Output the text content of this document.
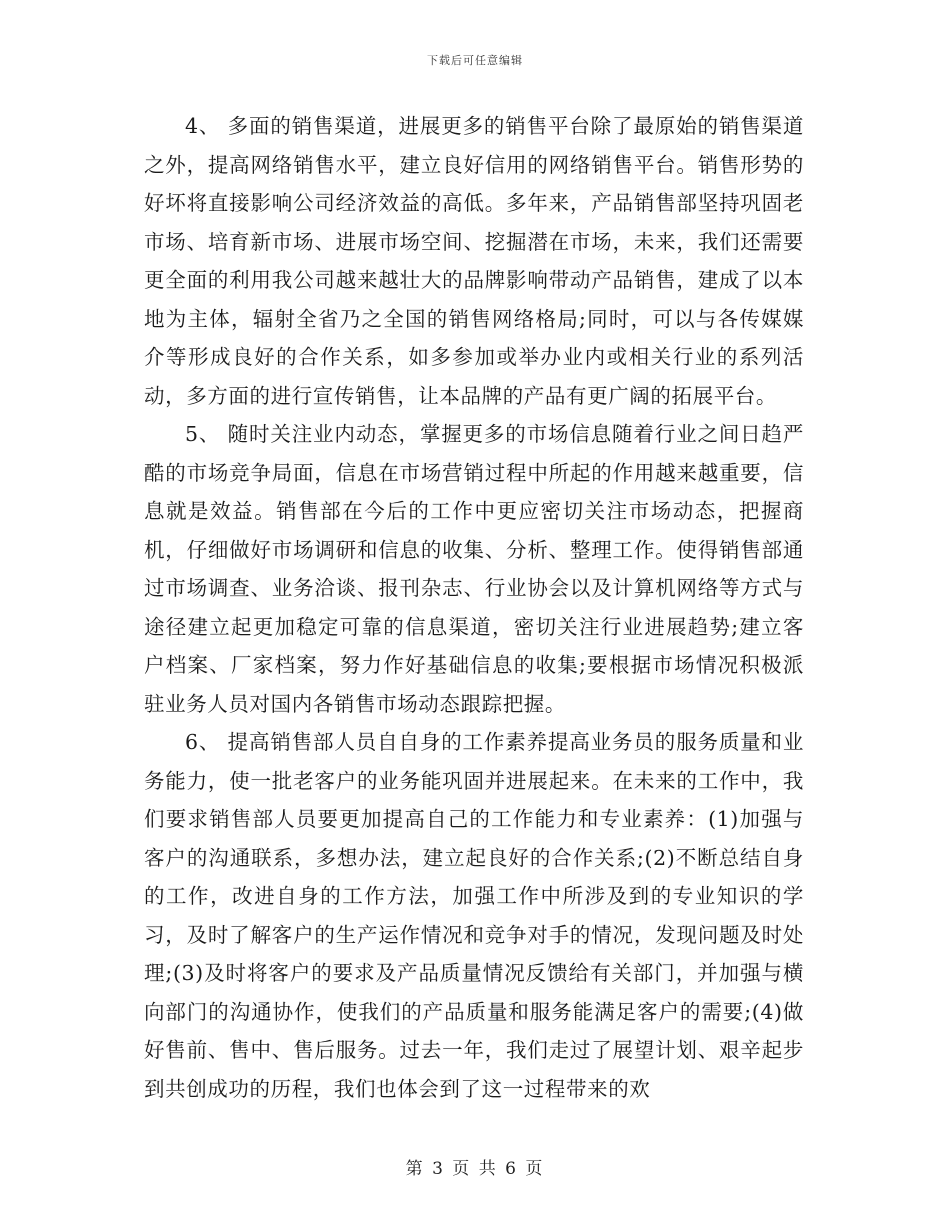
下载后可任意编辑

4、 多面的销售渠道，进展更多的销售平台除了最原始的销售渠道之外，提高网络销售水平，建立良好信用的网络销售平台。销售形势的好坏将直接影响公司经济效益的高低。多年来，产品销售部坚持巩固老市场、培育新市场、进展市场空间、挖掘潜在市场，未来，我们还需要更全面的利用我公司越来越壮大的品牌影响带动产品销售，建成了以本地为主体，辐射全省乃之全国的销售网络格局;同时，可以与各传媒媒介等形成良好的合作关系，如多参加或举办业内或相关行业的系列活动，多方面的进行宣传销售，让本品牌的产品有更广阔的拓展平台。

5、 随时关注业内动态，掌握更多的市场信息随着行业之间日趋严酷的市场竞争局面，信息在市场营销过程中所起的作用越来越重要，信息就是效益。销售部在今后的工作中更应密切关注市场动态，把握商机，仔细做好市场调研和信息的收集、分析、整理工作。使得销售部通过市场调查、业务洽谈、报刊杂志、行业协会以及计算机网络等方式与途径建立起更加稳定可靠的信息渠道，密切关注行业进展趋势;建立客户档案、厂家档案，努力作好基础信息的收集;要根据市场情况积极派驻业务人员对国内各销售市场动态跟踪把握。

6、 提高销售部人员自自身的工作素养提高业务员的服务质量和业务能力，使一批老客户的业务能巩固并进展起来。在未来的工作中，我们要求销售部人员要更加提高自己的工作能力和专业素养：(1)加强与客户的沟通联系，多想办法，建立起良好的合作关系;(2)不断总结自身的工作，改进自身的工作方法，加强工作中所涉及到的专业知识的学习，及时了解客户的生产运作情况和竞争对手的情况，发现问题及时处理;(3)及时将客户的要求及产品质量情况反馈给有关部门，并加强与横向部门的沟通协作，使我们的产品质量和服务能满足客户的需要;(4)做好售前、售中、售后服务。过去一年，我们走过了展望计划、艰辛起步到共创成功的历程，我们也体会到了这一过程带来的欢

第 3 页 共 6 页
